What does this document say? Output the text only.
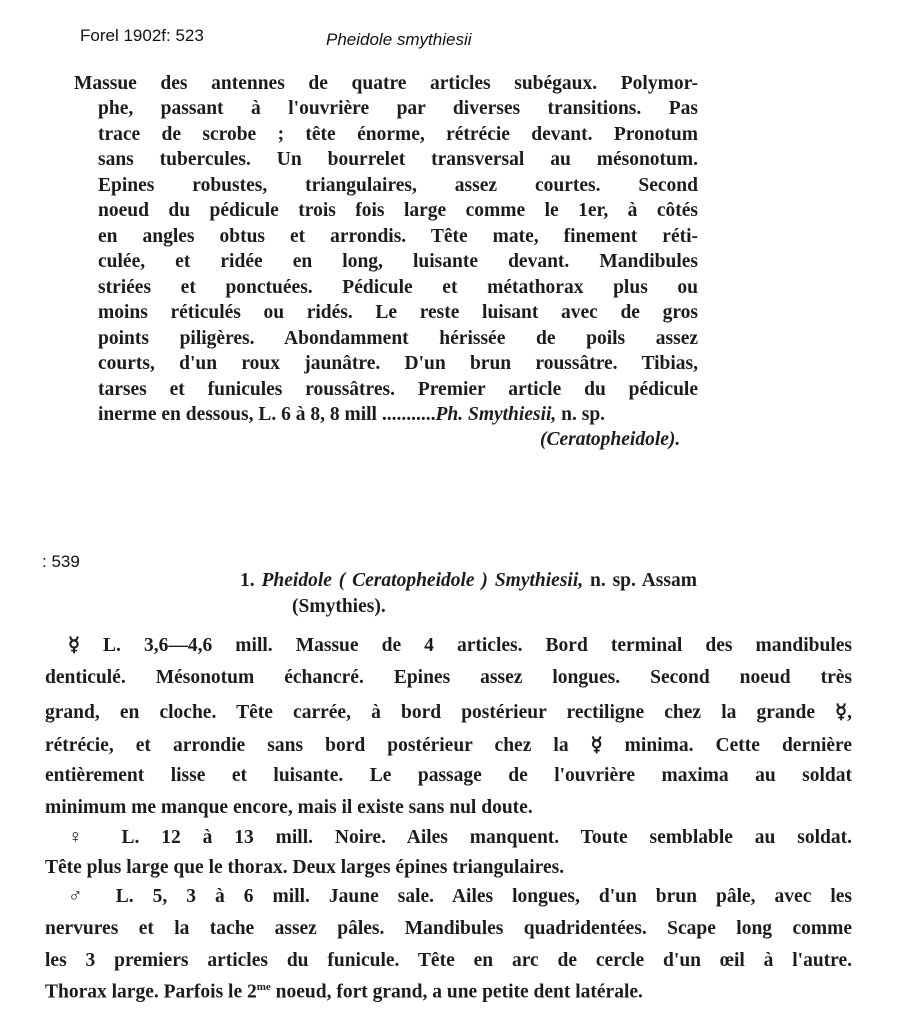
Forel 1902f: 523	Pheidole smythiesii
Massue des antennes de quatre articles subégaux. Polymor-
phe, passant à l'ouvrière par diverses transitions. Pas
trace de scrobe ; tête énorme, rétrécie devant. Pronotum
sans tubercules. Un bourrelet transversal au mésonotum.
Epines robustes, triangulaires, assez courtes. Second
noeud du pédicule trois fois large comme le 1er, à côtés
en angles obtus et arrondis. Tête mate, finement réti-
culée, et ridée en long, luisante devant. Mandibules
striées et ponctuées. Pédicule et métathorax plus ou
moins réticulés ou ridés. Le reste luisant avec de gros
points piligères. Abondamment hérissée de poils assez
courts, d'un roux jaunâtre. D'un brun roussâtre. Tibias,
tarses et funicules roussâtres. Premier article du pédicule
inerme en dessous, L. 6 à 8, 8 mill ...........Ph. Smythiesii, n. sp.
(Ceratopheidole).
: 539
1. Pheidole ( Ceratopheidole ) Smythiesii, n. sp. Assam
(Smythies).
☿ L. 3,6—4,6 mill. Massue de 4 articles. Bord terminal des mandibules
denticulé. Mésonotum échancré. Epines assez longues. Second noeud très
grand, en cloche. Tête carrée, à bord postérieur rectiligne chez la grande ☿,
rétrécie, et arrondie sans bord postérieur chez la ☿ minima. Cette dernière
entièrement lisse et luisante. Le passage de l'ouvrière maxima au soldat
minimum me manque encore, mais il existe sans nul doute.
♀ L. 12 à 13 mill. Noire. Ailes manquent. Toute semblable au soldat.
Tête plus large que le thorax. Deux larges épines triangulaires.
♂ L. 5, 3 à 6 mill. Jaune sale. Ailes longues, d'un brun pâle, avec les
nervures et la tache assez pâles. Mandibules quadridentées. Scape long comme
les 3 premiers articles du funicule. Tête en arc de cercle d'un œil à l'autre.
Thorax large. Parfois le $2^{me}$ noeud, fort grand, a une petite dent latérale.
